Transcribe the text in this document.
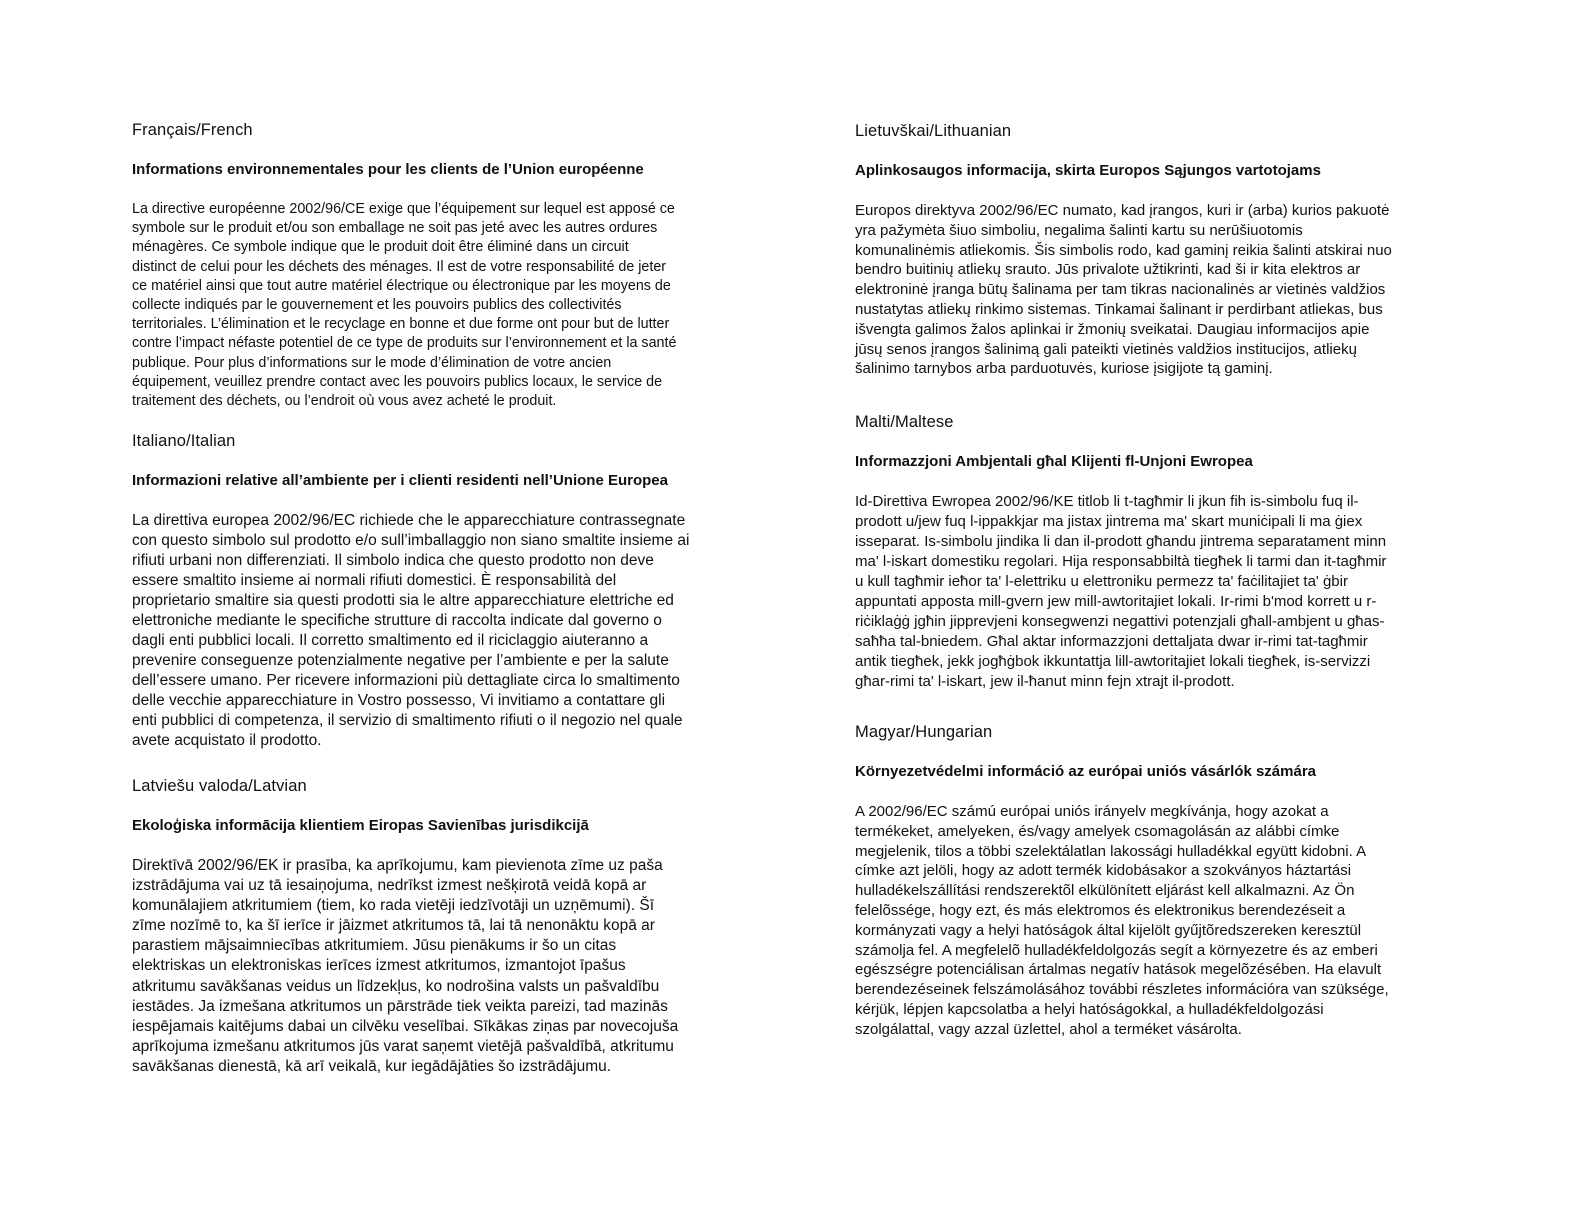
Français/French
Informations environnementales pour les clients de l’Union européenne

La directive européenne 2002/96/CE exige que l’équipement sur lequel est apposé ce
symbole sur le produit et/ou son emballage ne soit pas jeté avec les autres ordures
ménagères. Ce symbole indique que le produit doit être éliminé dans un circuit
distinct de celui pour les déchets des ménages. Il est de votre responsabilité de jeter
ce matériel ainsi que tout autre matériel électrique ou électronique par les moyens de
collecte indiqués par le gouvernement et les pouvoirs publics des collectivités
territoriales. L’élimination et le recyclage en bonne et due forme ont pour but de lutter
contre l’impact néfaste potentiel de ce type de produits sur l’environnement et la santé
publique. Pour plus d’informations sur le mode d’élimination de votre ancien
équipement, veuillez prendre contact avec les pouvoirs publics locaux, le service de
traitement des déchets, ou l’endroit où vous avez acheté le produit.

Italiano/Italian
Informazioni relative all’ambiente per i clienti residenti nell’Unione Europea

La direttiva europea 2002/96/EC richiede che le apparecchiature contrassegnate
con questo simbolo sul prodotto e/o sull’imballaggio non siano smaltite insieme ai
rifiuti urbani non differenziati. Il simbolo indica che questo prodotto non deve
essere smaltito insieme ai normali rifiuti domestici. È responsabilità del
proprietario smaltire sia questi prodotti sia le altre apparecchiature elettriche ed
elettroniche mediante le specifiche strutture di raccolta indicate dal governo o
dagli enti pubblici locali. Il corretto smaltimento ed il riciclaggio aiuteranno a
prevenire conseguenze potenzialmente negative per l’ambiente e per la salute
dell’essere umano. Per ricevere informazioni più dettagliate circa lo smaltimento
delle vecchie apparecchiature in Vostro possesso, Vi invitiamo a contattare gli
enti pubblici di competenza, il servizio di smaltimento rifiuti o il negozio nel quale
avete acquistato il prodotto.

Latviešu valoda/Latvian
Ekoloģiska informācija klientiem Eiropas Savienības jurisdikcijā

Direktīvā 2002/96/EK ir prasība, ka aprīkojumu, kam pievienota zīme uz paša
izstrādājuma vai uz tā iesaiņojuma, nedrīkst izmest nešķirotā veidā kopā ar
komunālajiem atkritumiem (tiem, ko rada vietēji iedzīvotāji un uzņēmumi). Šī
zīme nozīmē to, ka šī ierīce ir jāizmet atkritumos tā, lai tā nenonāktu kopā ar
parastiem mājsaimniecības atkritumiem. Jūsu pienākums ir šo un citas
elektriskas un elektroniskas ierīces izmest atkritumos, izmantojot īpašus
atkritumu savākšanas veidus un līdzekļus, ko nodrošina valsts un pašvaldību
iestādes. Ja izmešana atkritumos un pārstrāde tiek veikta pareizi, tad mazinās
iespējamais kaitējums dabai un cilvēku veselībai. Sīkākas ziņas par novecojuša
aprīkojuma izmešanu atkritumos jūs varat saņemt vietējā pašvaldībā, atkritumu
savākšanas dienestā, kā arī veikalā, kur iegādājāties šo izstrādājumu.

Lietuvškai/Lithuanian
Aplinkosaugos informacija, skirta Europos Sąjungos vartotojams

Europos direktyva 2002/96/EC numato, kad įrangos, kuri ir (arba) kurios pakuotė
yra pažymėta šiuo simboliu, negalima šalinti kartu su nerūšiuotomis
komunalinėmis atliekomis. Šis simbolis rodo, kad gaminį reikia šalinti atskirai nuo
bendro buitinių atliekų srauto. Jūs privalote užtikrinti, kad ši ir kita elektros ar
elektroninė įranga būtų šalinama per tam tikras nacionalinės ar vietinės valdžios
nustatytas atliekų rinkimo sistemas. Tinkamai šalinant ir perdirbant atliekas, bus
išvengta galimos žalos aplinkai ir žmonių sveikatai. Daugiau informacijos apie
jūsų senos įrangos šalinimą gali pateikti vietinės valdžios institucijos, atliekų
šalinimo tarnybos arba parduotuvės, kuriose įsigijote tą gaminį.

Malti/Maltese
Informazzjoni Ambjentali għal Klijenti fl-Unjoni Ewropea

Id-Direttiva Ewropea 2002/96/KE titlob li t-tagħmir li jkun fih is-simbolu fuq il-
prodott u/jew fuq l-ippakkjar ma jistax jintrema ma' skart muniċipali li ma ġiex
isseparat. Is-simbolu jindika li dan il-prodott għandu jintrema separatament minn
ma' l-iskart domestiku regolari. Hija responsabbiltà tiegħek li tarmi dan it-tagħmir
u kull tagħmir ieħor ta' l-elettriku u elettroniku permezz ta' faċilitajiet ta' ġbir
appuntati apposta mill-gvern jew mill-awtoritajiet lokali. Ir-rimi b'mod korrett u r-
riċiklaġġ jgħin jipprevjeni konsegwenzi negattivi potenzjali għall-ambjent u għas-
saħħa tal-bniedem. Għal aktar informazzjoni dettaljata dwar ir-rimi tat-tagħmir
antik tiegħek, jekk jogħġbok ikkuntattja lill-awtoritajiet lokali tiegħek, is-servizzi
għar-rimi ta' l-iskart, jew il-ħanut minn fejn xtrajt il-prodott.

Magyar/Hungarian
Környezetvédelmi információ az európai uniós vásárlók számára

A 2002/96/EC számú európai uniós irányelv megkívánja, hogy azokat a
termékeket, amelyeken, és/vagy amelyek csomagolásán az alábbi címke
megjelenik, tilos a többi szelektálatlan lakossági hulladékkal együtt kidobni. A
címke azt jelöli, hogy az adott termék kidobásakor a szokványos háztartási
hulladékelszállítási rendszerektõl elkülönített eljárást kell alkalmazni. Az Ön
felelõssége, hogy ezt, és más elektromos és elektronikus berendezéseit a
kormányzati vagy a helyi hatóságok által kijelölt gyűjtõredszereken keresztül
számolja fel. A megfelelõ hulladékfeldolgozás segít a környezetre és az emberi
egészségre potenciálisan ártalmas negatív hatások megelõzésében. Ha elavult
berendezéseinek felszámolásához további részletes információra van szüksége,
kérjük, lépjen kapcsolatba a helyi hatóságokkal, a hulladékfeldolgozási
szolgálattal, vagy azzal üzlettel, ahol a terméket vásárolta.
